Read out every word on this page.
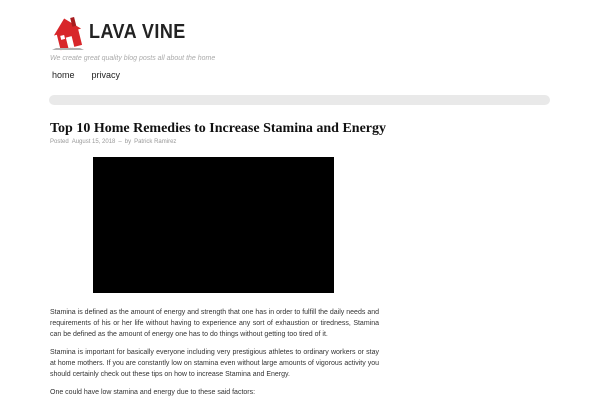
LAVA VINE
We create great quality blog posts all about the home
home privacy
Top 10 Home Remedies to Increase Stamina and Energy
Posted August 15, 2018 – by Patrick Ramirez

Stamina is defined as the amount of energy and strength that one has in order to fulfill the daily needs and requirements of his or her life without having to experience any sort of exhaustion or tiredness, Stamina can be defined as the amount of energy one has to do things without getting too tired of it.

Stamina is important for basically everyone including very prestigious athletes to ordinary workers or stay at home mothers. If you are constantly low on stamina even without large amounts of vigorous activity you should certainly check out these tips on how to increase Stamina and Energy.

One could have low stamina and energy due to these said factors:
